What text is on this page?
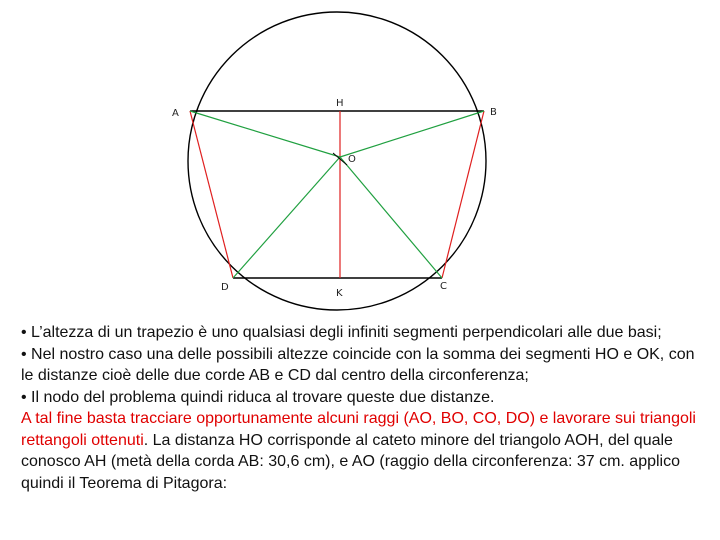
A	B
H
O
D	C
K

• L’altezza di un trapezio è uno qualsiasi degli infiniti segmenti perpendicolari alle due basi;

• Nel nostro caso una delle possibili altezze coincide con la somma dei segmenti HO e OK, con le distanze cioè delle due corde AB e CD dal centro della circonferenza;

• Il nodo del problema quindi riduca al trovare queste due distanze.

A tal fine basta tracciare opportunamente alcuni raggi (AO, BO, CO, DO) e lavorare sui triangoli rettangoli ottenuti. La distanza HO corrisponde al cateto minore del triangolo AOH, del quale conosco AH (metà della corda AB: 30,6 cm), e AO (raggio della circonferenza: 37 cm. applico quindi il Teorema di Pitagora:
